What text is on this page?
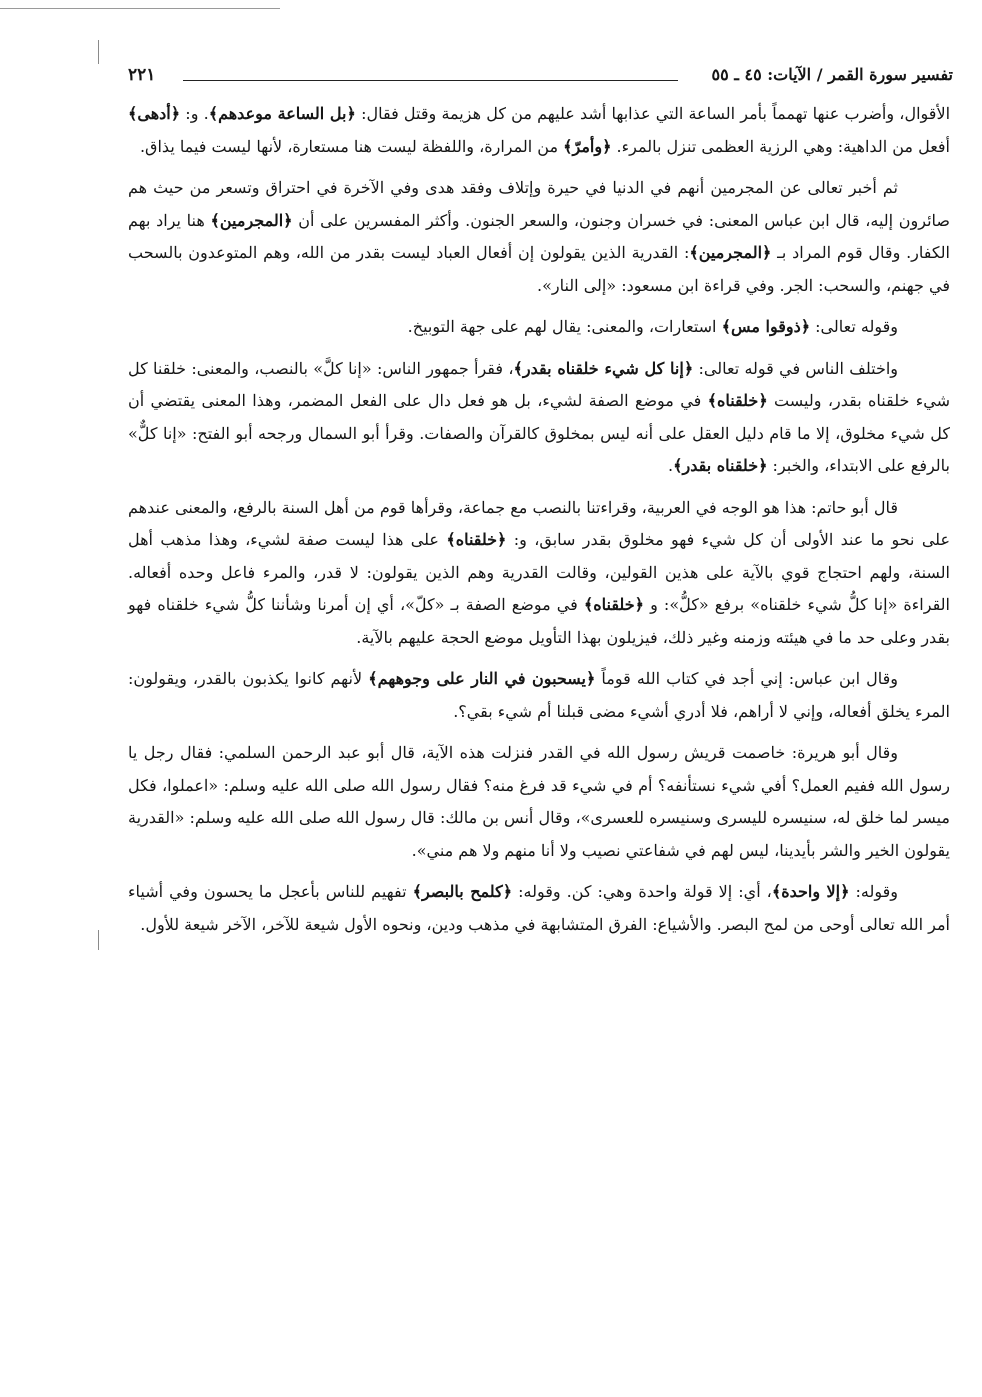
تفسير سورة القمر / الآيات: ٤٥ ـ ٥٥
٢٢١

الأقوال، وأضرب عنها تهمماً بأمر الساعة التي عذابها أشد عليهم من كل هزيمة وقتل فقال: ﴿بل الساعة موعدهم﴾. و: ﴿أدهى﴾ أفعل من الداهية: وهي الرزية العظمى تنزل بالمرء. ﴿وأمرّ﴾ من المرارة، واللفظة ليست هنا مستعارة، لأنها ليست فيما يذاق.

ثم أخبر تعالى عن المجرمين أنهم في الدنيا في حيرة وإتلاف وفقد هدى وفي الآخرة في احتراق وتسعر من حيث هم صائرون إليه، قال ابن عباس المعنى: في خسران وجنون، والسعر الجنون. وأكثر المفسرين على أن ﴿المجرمين﴾ هنا يراد بهم الكفار. وقال قوم المراد بـ ﴿المجرمين﴾: القدرية الذين يقولون إن أفعال العباد ليست بقدر من الله، وهم المتوعدون بالسحب في جهنم، والسحب: الجر. وفي قراءة ابن مسعود: «إلى النار».

وقوله تعالى: ﴿ذوقوا مس﴾ استعارات، والمعنى: يقال لهم على جهة التوبيخ.

واختلف الناس في قوله تعالى: ﴿إنا كل شيء خلقناه بقدر﴾، فقرأ جمهور الناس: «إنا كلَّ» بالنصب، والمعنى: خلقنا كل شيء خلقناه بقدر، وليست ﴿خلقناه﴾ في موضع الصفة لشيء، بل هو فعل دال على الفعل المضمر، وهذا المعنى يقتضي أن كل شيء مخلوق، إلا ما قام دليل العقل على أنه ليس بمخلوق كالقرآن والصفات. وقرأ أبو السمال ورجحه أبو الفتح: «إنا كلٌّ» بالرفع على الابتداء، والخبر: ﴿خلقناه بقدر﴾.

قال أبو حاتم: هذا هو الوجه في العربية، وقراءتنا بالنصب مع جماعة، وقرأها قوم من أهل السنة بالرفع، والمعنى عندهم على نحو ما عند الأولى أن كل شيء فهو مخلوق بقدر سابق، و: ﴿خلقناه﴾ على هذا ليست صفة لشيء، وهذا مذهب أهل السنة، ولهم احتجاج قوي بالآية على هذين القولين، وقالت القدرية وهم الذين يقولون: لا قدر، والمرء فاعل وحده أفعاله. القراءة «إنا كلُّ شيء خلقناه» برفع «كلُّ»: و ﴿خلقناه﴾ في موضع الصفة بـ «كلّ»، أي إن أمرنا وشأننا كلُّ شيء خلقناه فهو بقدر وعلى حد ما في هيئته وزمنه وغير ذلك، فيزيلون بهذا التأويل موضع الحجة عليهم بالآية.

وقال ابن عباس: إني أجد في كتاب الله قوماً ﴿يسحبون في النار على وجوههم﴾ لأنهم كانوا يكذبون بالقدر، ويقولون: المرء يخلق أفعاله، وإني لا أراهم، فلا أدري أشيء مضى قبلنا أم شيء بقي؟.

وقال أبو هريرة: خاصمت قريش رسول الله في القدر فنزلت هذه الآية، قال أبو عبد الرحمن السلمي: فقال رجل يا رسول الله ففيم العمل؟ أفي شيء نستأنفه؟ أم في شيء قد فرغ منه؟ فقال رسول الله صلى الله عليه وسلم: «اعملوا، فكل ميسر لما خلق له، سنيسره لليسرى وسنيسره للعسرى»، وقال أنس بن مالك: قال رسول الله صلى الله عليه وسلم: «القدرية يقولون الخير والشر بأيدينا، ليس لهم في شفاعتي نصيب ولا أنا منهم ولا هم مني».

وقوله: ﴿إلا واحدة﴾، أي: إلا قولة واحدة وهي: كن. وقوله: ﴿كلمح بالبصر﴾ تفهيم للناس بأعجل ما يحسون وفي أشياء أمر الله تعالى أوحى من لمح البصر. والأشياع: الفرق المتشابهة في مذهب ودين، ونحوه الأول شيعة للآخر، الآخر شيعة للأول.
